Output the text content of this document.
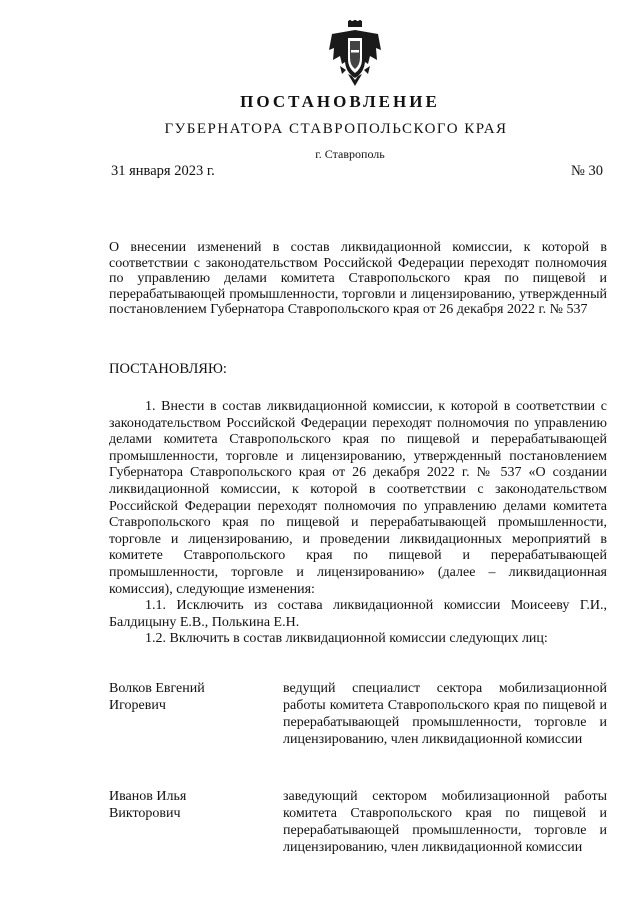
ПОСТАНОВЛЕНИЕ
ГУБЕРНАТОРА СТАВРОПОЛЬСКОГО КРАЯ
г. Ставрополь
31 января 2023 г.	№ 30
О внесении изменений в состав ликвидационной комиссии, к которой в соответствии с законодательством Российской Федерации переходят полномочия по управлению делами комитета Ставропольского края по пищевой и перерабатывающей промышленности, торговли и лицензированию, утвержденный постановлением Губернатора Ставропольского края от 26 декабря 2022 г. № 537
ПОСТАНОВЛЯЮ:

1. Внести в состав ликвидационной комиссии, к которой в соответствии с законодательством Российской Федерации переходят полномочия по управлению делами комитета Ставропольского края по пищевой и перерабатывающей промышленности, торговле и лицензированию, утвержденный постановлением Губернатора Ставропольского края от 26 декабря 2022 г. № 537 «О создании ликвидационной комиссии, к которой в соответствии с законодательством Российской Федерации переходят полномочия по управлению делами комитета Ставропольского края по пищевой и перерабатывающей промышленности, торговле и лицензированию, и проведении ликвидационных мероприятий в комитете Ставропольского края по пищевой и перерабатывающей промышленности, торговле и лицензированию» (далее – ликвидационная комиссия), следующие изменения:

1.1. Исключить из состава ликвидационной комиссии Моисееву Г.И., Балдицыну Е.В., Полькина Е.Н.

1.2. Включить в состав ликвидационной комиссии следующих лиц:

Волков Евгений
Игоревич
ведущий специалист сектора мобилизационной работы комитета Ставропольского края по пищевой и перерабатывающей промышленности, торговле и лицензированию, член ликвидационной комиссии
Иванов Илья
Викторович
заведующий сектором мобилизационной работы комитета Ставропольского края по пищевой и перерабатывающей промышленности, торговле и лицензированию, член ликвидационной комиссии
